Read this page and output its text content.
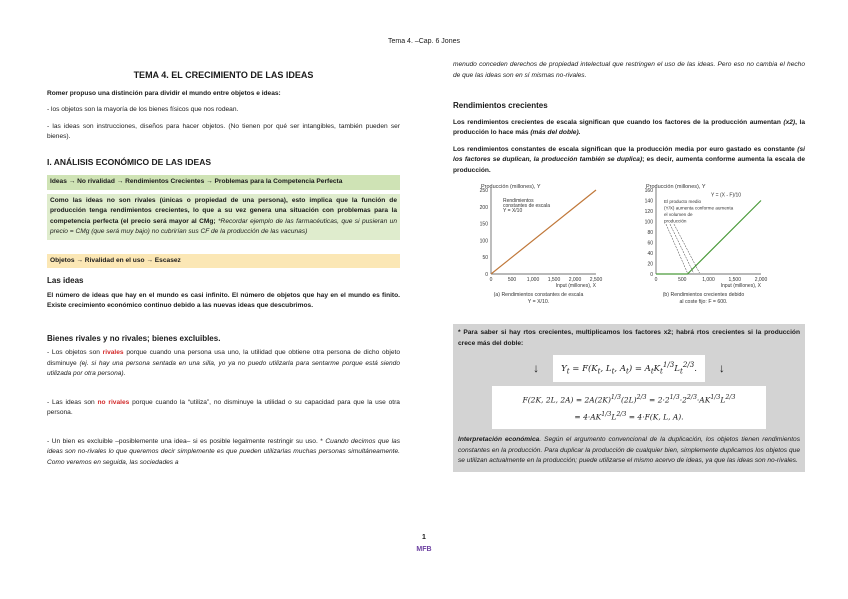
Tema 4. –Cap. 6 Jones
TEMA 4. EL CRECIMIENTO DE LAS IDEAS

Romer propuso una distinción para dividir el mundo entre objetos e ideas:

- los objetos son la mayoría de los bienes físicos que nos rodean.

- las ideas son instrucciones, diseños para hacer objetos. (No tienen por qué ser intangibles, también pueden ser bienes).

I. ANÁLISIS ECONÓMICO DE LAS IDEAS
Ideas → No rivalidad → Rendimientos Crecientes → Problemas para la Competencia Perfecta
Como las ideas no son rivales (únicas o propiedad de una persona), esto implica que la función de producción tenga rendimientos crecientes, lo que a su vez genera una situación con problemas para la competencia perfecta (el precio será mayor al CMg; *Recordar ejemplo de las farmacéuticas, que si pusieran un precio = CMg (que será muy bajo) no cubrirían sus CF de la producción de las vacunas)
Objetos → Rivalidad en el uso → Escasez
Las ideas

El número de ideas que hay en el mundo es casi infinito. El número de objetos que hay en el mundo es finito. Existe crecimiento económico continuo debido a las nuevas ideas que descubrimos.

Bienes rivales y no rivales; bienes excluibles.

- Los objetos son rivales porque cuando una persona usa uno, la utilidad que obtiene otra persona de dicho objeto disminuye (ej. si hay una persona sentada en una silla, yo ya no puedo utilizarla para sentarme porque está siendo utilizada por otra persona).

- Las ideas son no rivales porque cuando la “utiliza”, no disminuye la utilidad o su capacidad para que la use otra persona.

- Un bien es excluible –posiblemente una idea– si es posible legalmente restringir su uso. * Cuando decimos que las ideas son no-rivales lo que queremos decir simplemente es que pueden utilizarlas muchas personas simultáneamente. Como veremos en seguida, las sociedades a

menudo conceden derechos de propiedad intelectual que restringen el uso de las ideas. Pero eso no cambia el hecho de que las ideas son en sí mismas no-rivales.

Rendimientos crecientes

Los rendimientos crecientes de escala significan que cuando los factores de la producción aumentan (x2), la producción lo hace más (más del doble).

Los rendimientos constantes de escala significan que la producción media por euro gastado es constante (si los factores se duplican, la producción también se duplica); es decir, aumenta conforme aumenta la escala de producción.

Producción (millones), Y
0
50
100
150
200
250
0	500 1,000 1,500 2,000 2,500
Input (millones), X
(a) Rendimientos constantes de escala
Y = X/10.
Rendimientos
constantes de escala
Y = X/10
Producción (millones), Y
0
20
40
60
80
100
120
140
160
0	500	1,000	1,500	2,000
Input (millones), X
(b) Rendimientos crecientes debido
al coste fijo: F = 600.
Y = (X - F)/10
El producto medio
(Y/X) aumenta conforme aumenta
el volumen de
producción
* Para saber si hay rtos crecientes, multiplicamos los factores x2; habrá rtos crecientes si la producción crece más del doble:
↓	$Y_t = F(K_t$, $L_t$, $A_t) = A_tK_t^{1/3}L_t^{2/3}$.	↓
F(2K, 2L, $2A) = 2A(2K)^{1/3}(2L)^{2/3} = 2\cdot 2^{1/3}\cdot 2^{2/3}\cdot AK^{1/3}L^{2/3}$
= $4\cdot AK^{1/3}L^{2/3} = 4\cdot F(K$, L, A).
Interpretación económica. Según el argumento convencional de la duplicación, los objetos tienen rendimientos constantes en la producción. Para duplicar la producción de cualquier bien, simplemente duplicamos los objetos que se utilizan actualmente en la producción; puede utilizarse el mismo acervo de ideas, ya que las ideas son no-rivales.
1
MFB
